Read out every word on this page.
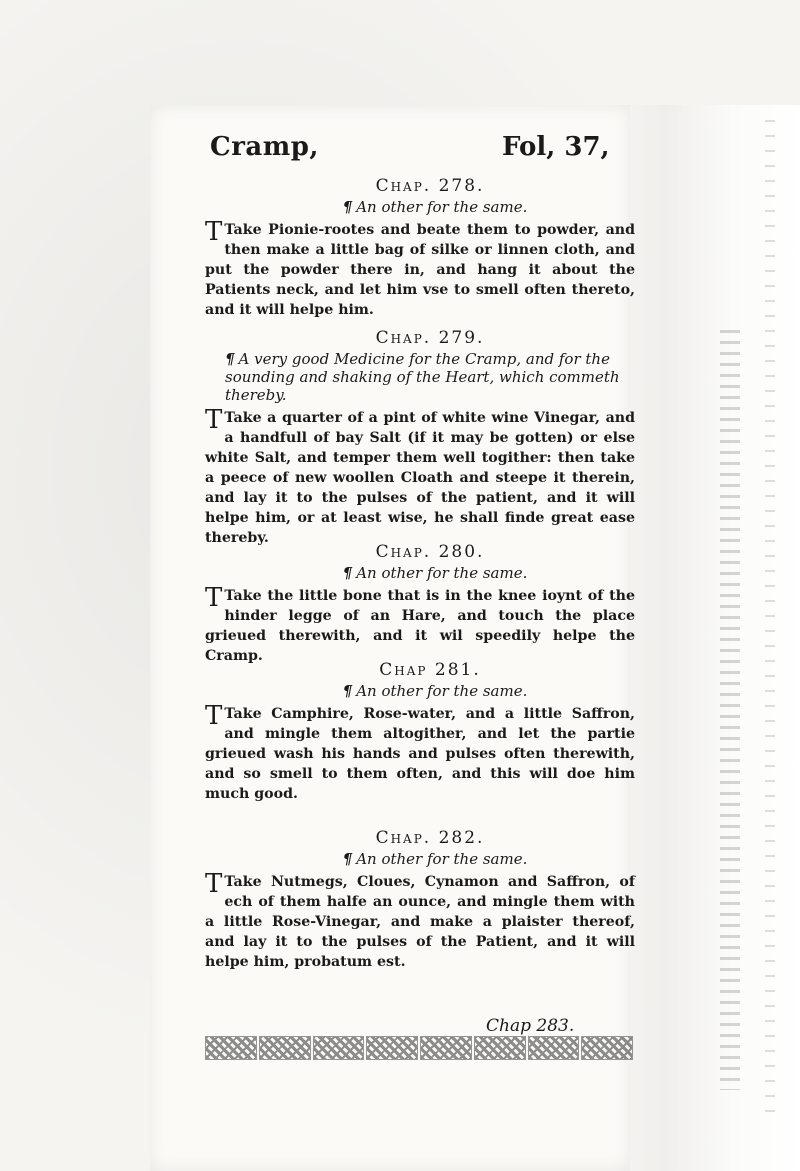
Cramp,	Fol, 37,

Chap. 278.

¶ An other for the same.

T Take Pionie-rootes and beate them to powder, and then make a little bag of silke or linnen cloth, and put the powder there in, and hang it about the Patients neck, and let him vse to smell often thereto, and it will helpe him.

Chap. 279.

¶ A very good Medicine for the Cramp, and for the sounding and shaking of the Heart, which commeth thereby.

T Take a quarter of a pint of white wine Vinegar, and a handfull of bay Salt (if it may be gotten) or else white Salt, and temper them well togither: then take a peece of new woollen Cloath and steepe it therein, and lay it to the pulses of the patient, and it will helpe him, or at least wise, he shall finde great ease thereby.

Chap. 280.

¶ An other for the same.

T Take the little bone that is in the knee ioynt of the hinder legge of an Hare, and touch the place grieued therewith, and it wil speedily helpe the Cramp.

Chap 281.

¶ An other for the same.

T Take Camphire, Rose-water, and a little Saffron, and mingle them altogither, and let the partie grieued wash his hands and pulses often therewith, and so smell to them often, and this will doe him much good.

Chap. 282.

¶ An other for the same.

T Take Nutmegs, Cloues, Cynamon and Saffron, of ech of them halfe an ounce, and mingle them with a little Rose-Vinegar, and make a plaister thereof, and lay it to the pulses of the Patient, and it will helpe him, probatum est.

Chap 283.
